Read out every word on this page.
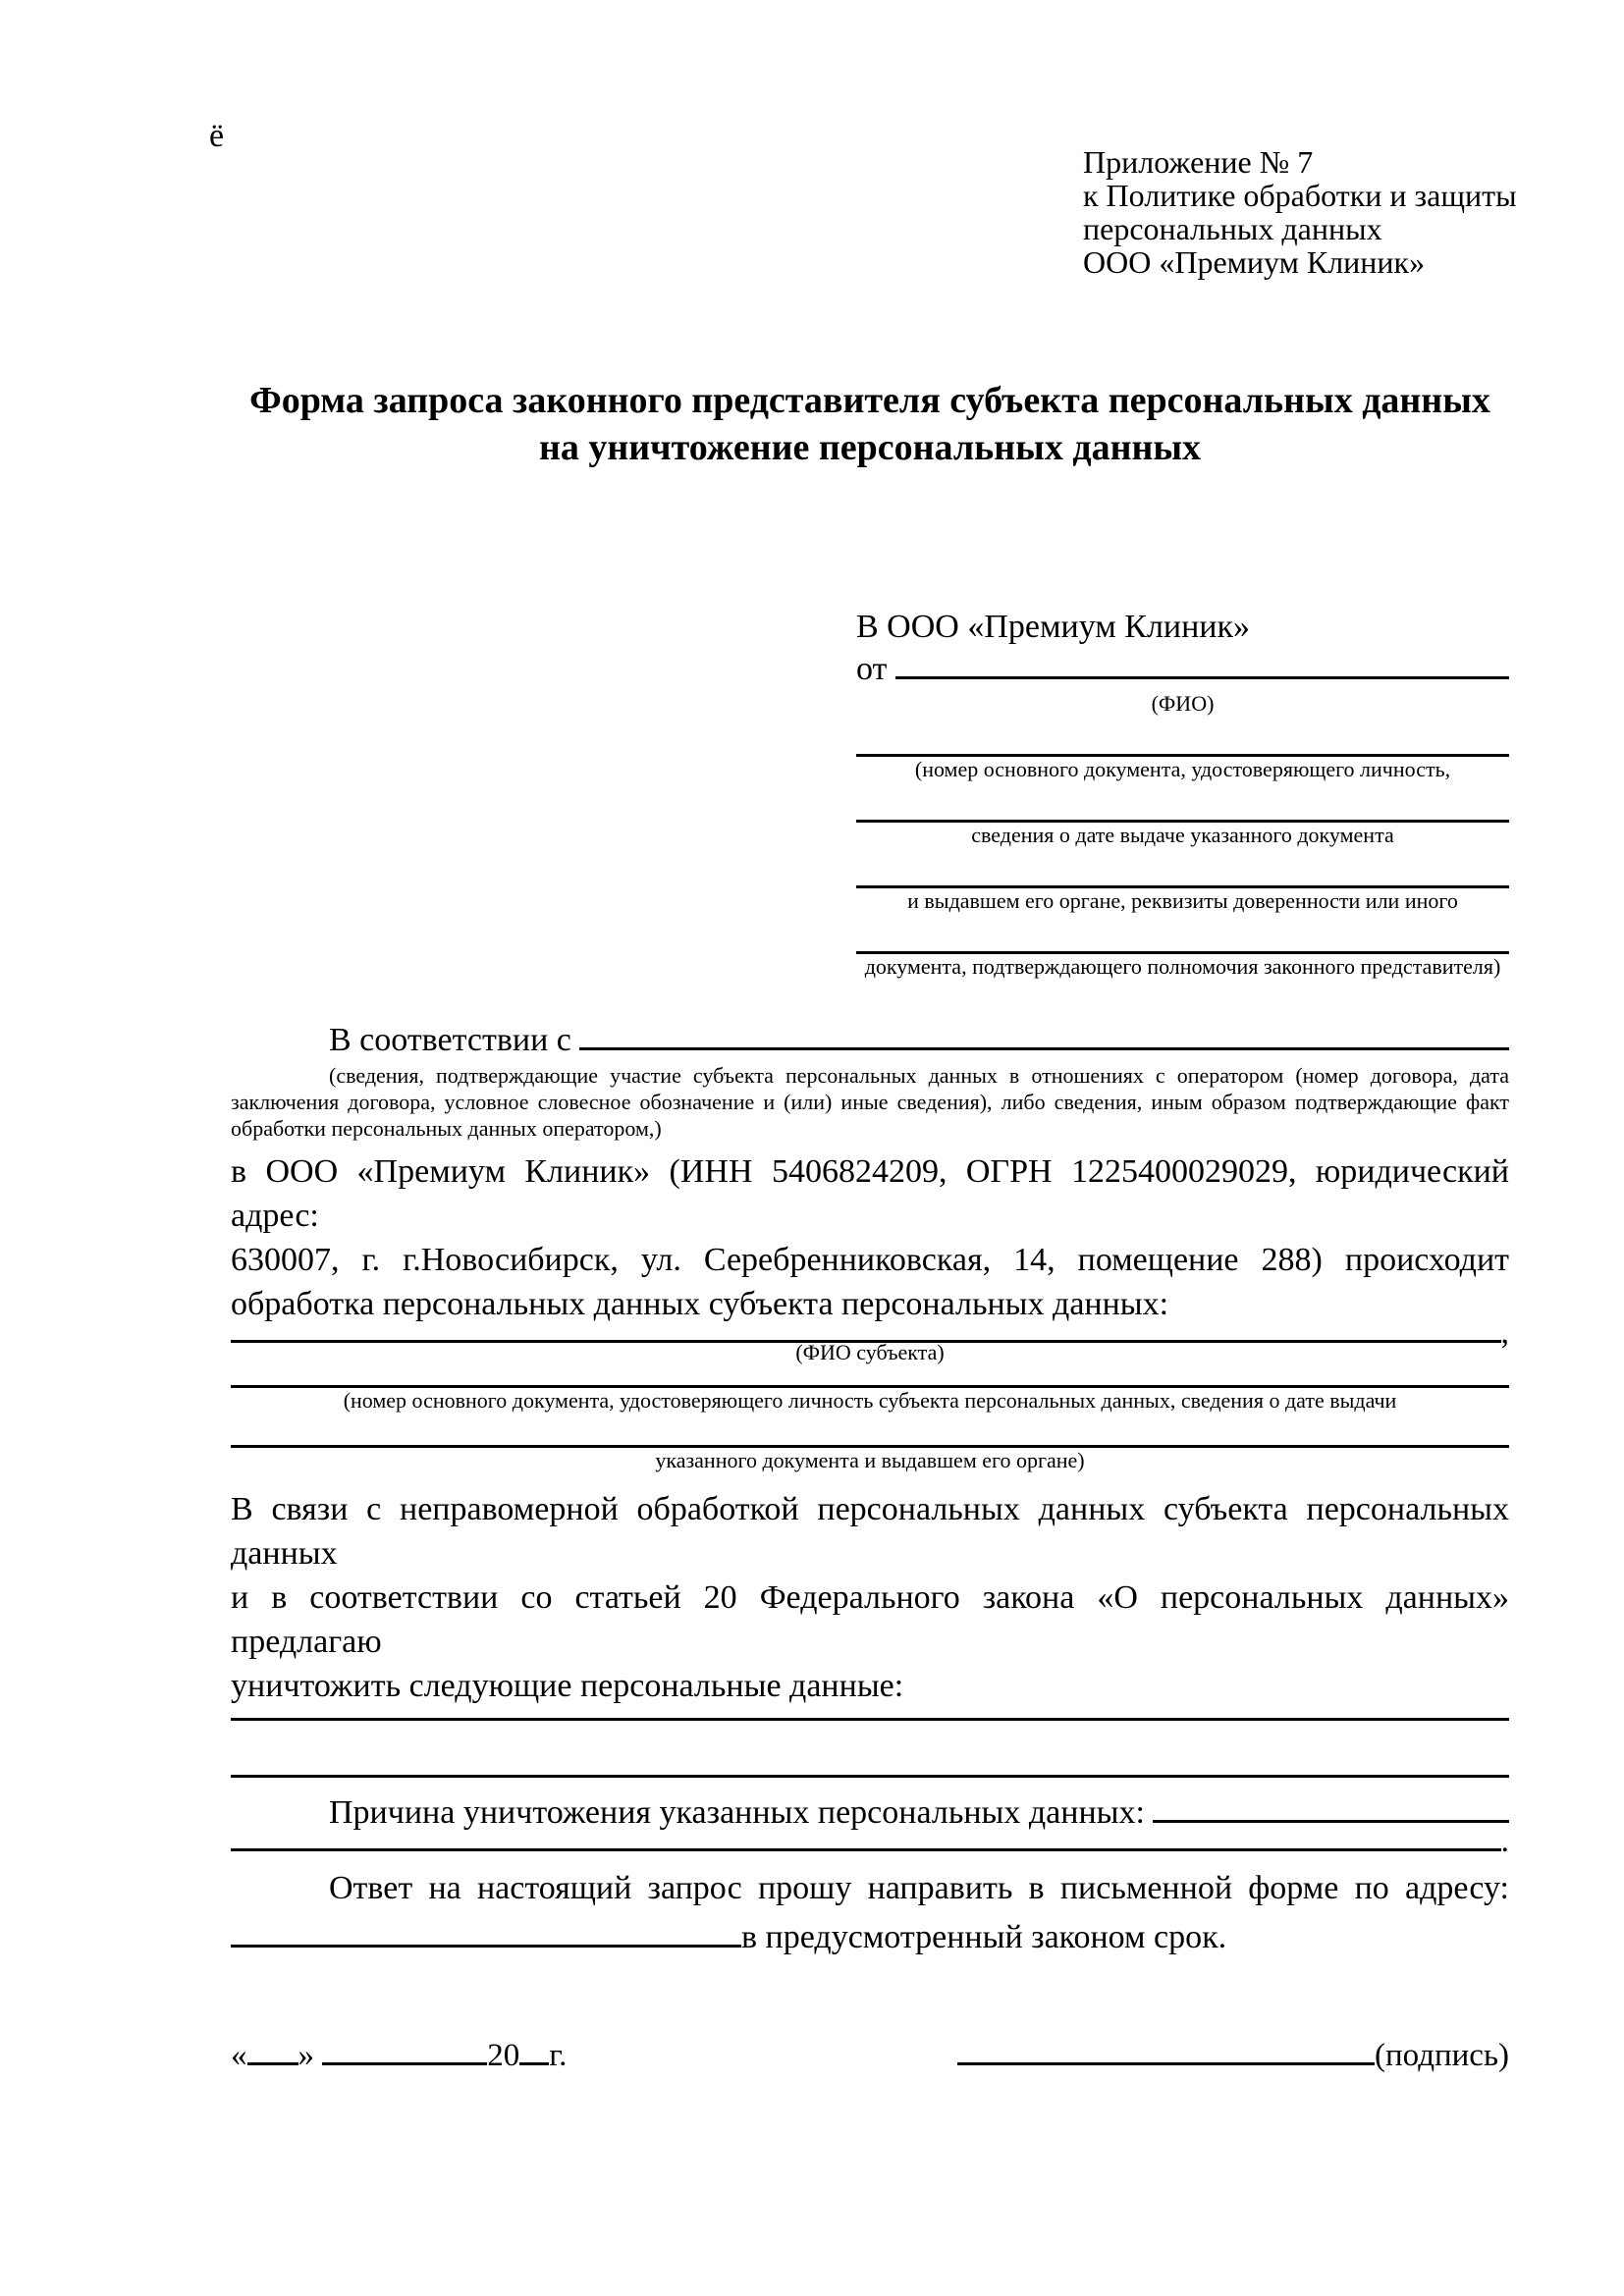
ё
Приложение № 7
к Политике обработки и защиты
персональных данных
ООО «Премиум Клиник»
Форма запроса законного представителя субъекта персональных данных
на уничтожение персональных данных
В ООО «Премиум Клиник»
от

(ФИО)
(номер основного документа, удостоверяющего личность,
сведения о дате выдаче указанного документа
и выдавшем его органе, реквизиты доверенности или иного
документа, подтверждающего полномочия законного представителя)
В соответствии с

(сведения, подтверждающие участие субъекта персональных данных в отношениях с оператором (номер договора, дата
заключения договора, условное словесное обозначение и (или) иные сведения), либо сведения, иным образом подтверждающие факт
обработки персональных данных оператором,)
в ООО «Премиум Клиник» (ИНН 5406824209, ОГРН 1225400029029, юридический адрес:
630007, г. г.Новосибирск, ул. Серебренниковская, 14, помещение 288) происходит
обработка персональных данных субъекта персональных данных:
,
(ФИО субъекта)
(номер основного документа, удостоверяющего личность субъекта персональных данных, сведения о дате выдачи
указанного документа и выдавшем его органе)
В связи с неправомерной обработкой персональных данных субъекта персональных данных
и в соответствии со статьей 20 Федерального закона «О персональных данных» предлагаю
уничтожить следующие персональные данные:
Причина уничтожения указанных персональных данных:

.
Ответ на настоящий запрос прошу направить в письменной форме по адресу:
в предусмотренный законом срок.
« »	20 г.	(подпись)
